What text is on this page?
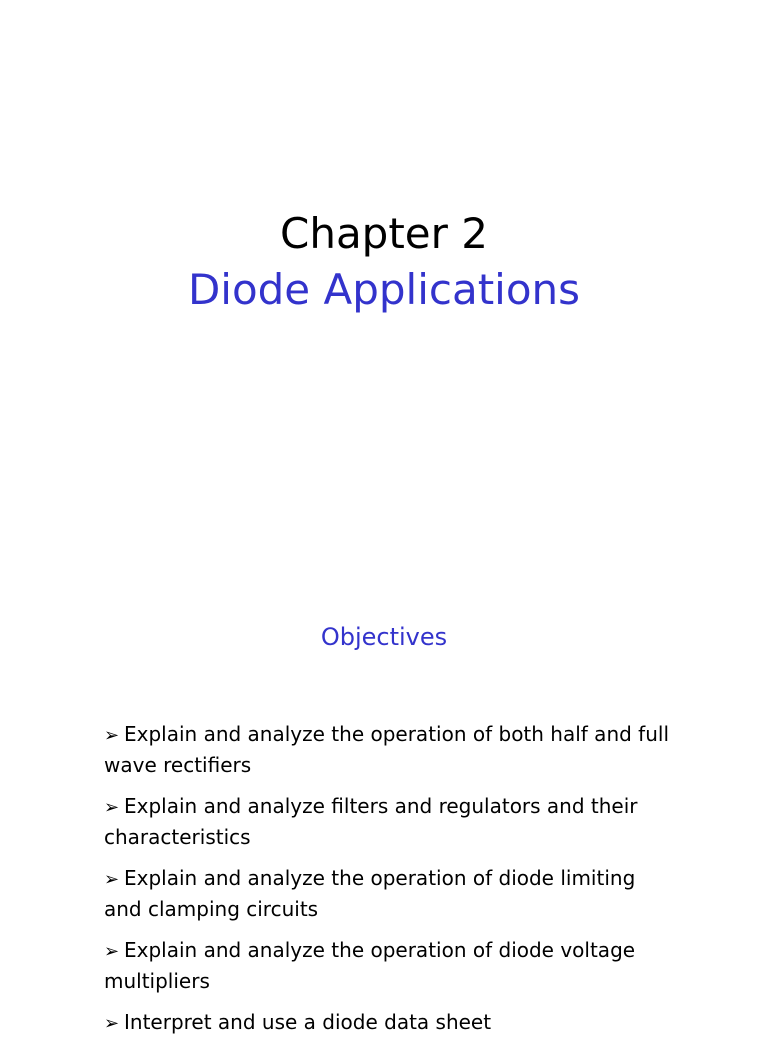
Chapter 2
Diode Applications
Objectives
➢ Explain and analyze the operation of both half and full wave rectifiers
➢ Explain and analyze filters and regulators and their characteristics
➢ Explain and analyze the operation of diode limiting and clamping circuits
➢ Explain and analyze the operation of diode voltage multipliers
➢ Interpret and use a diode data sheet
